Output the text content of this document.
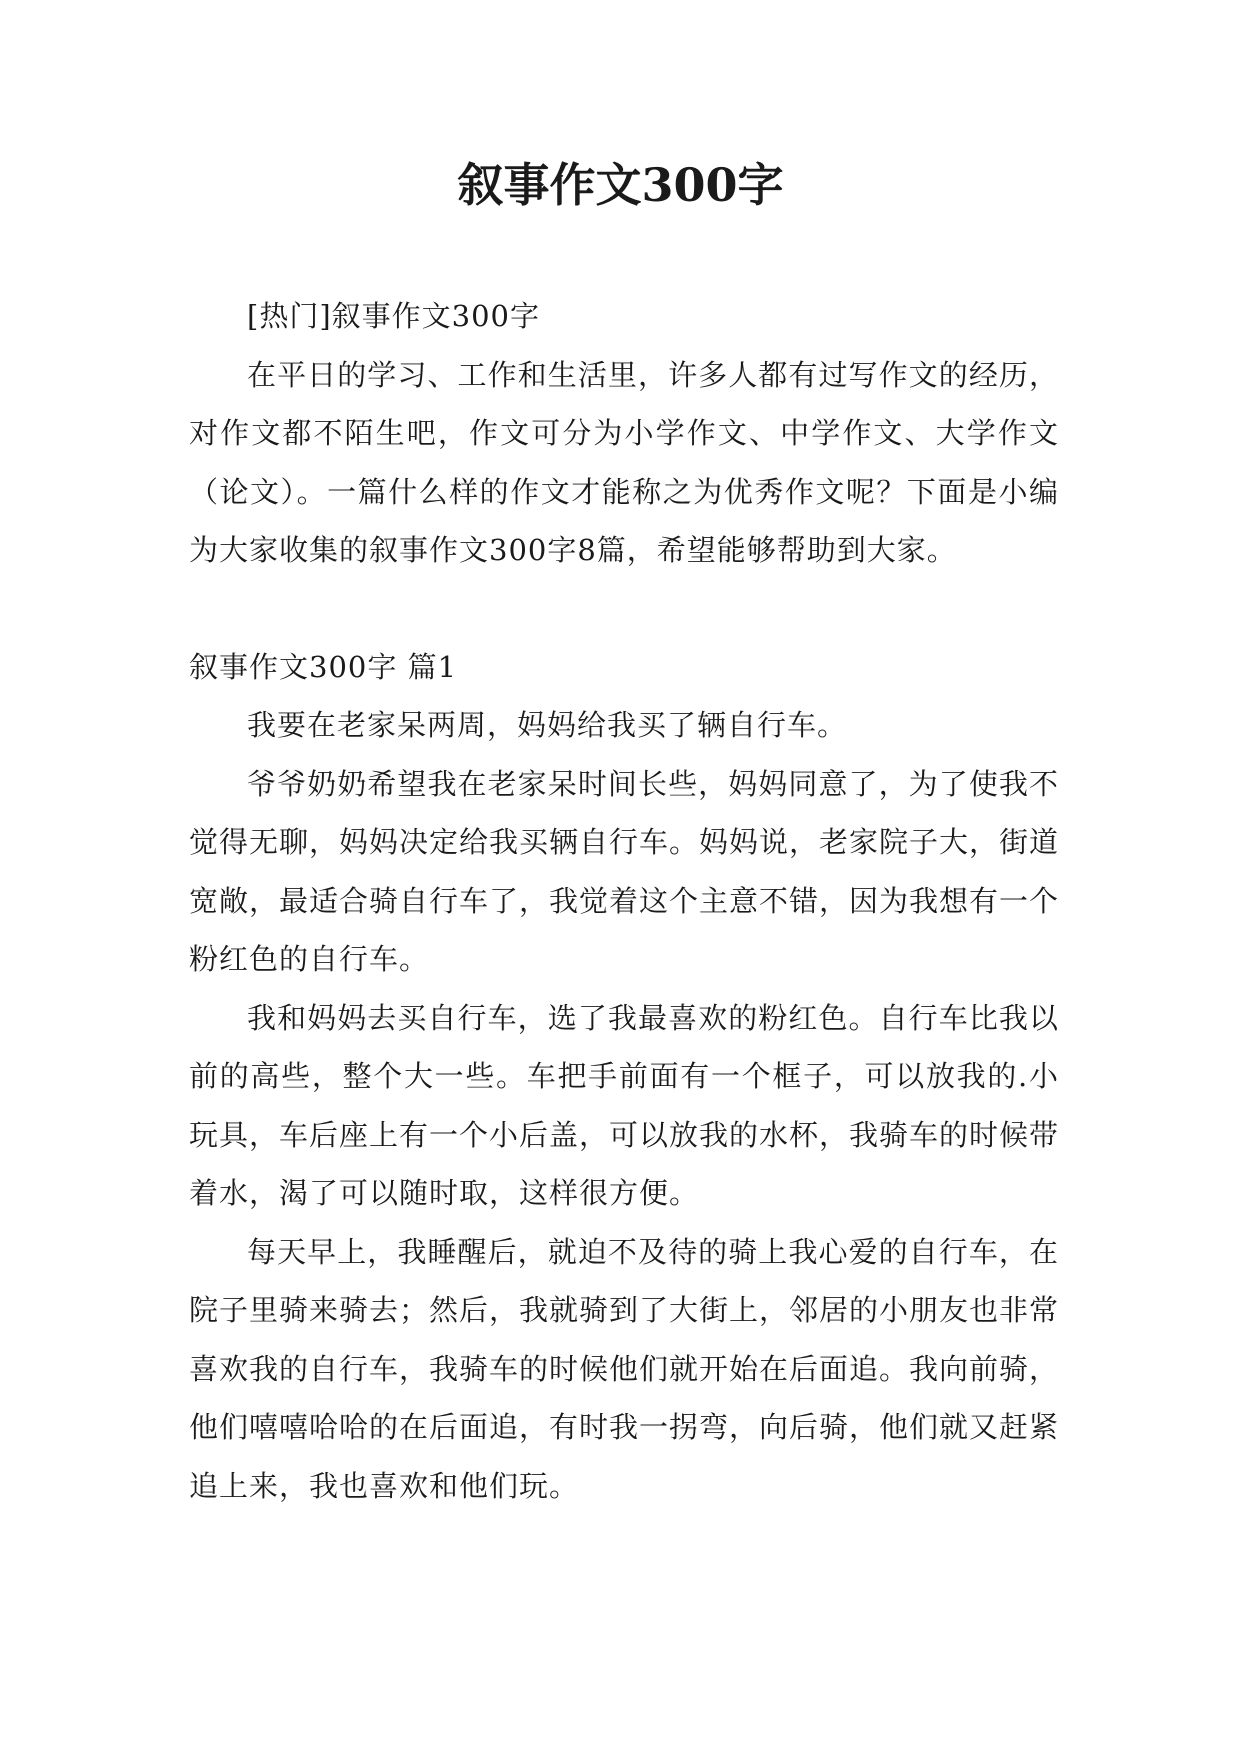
叙事作文300字

[热门]叙事作文300字

在平日的学习、工作和生活里，许多人都有过写作文的经历，对作文都不陌生吧，作文可分为小学作文、中学作文、大学作文（论文）。一篇什么样的作文才能称之为优秀作文呢？下面是小编为大家收集的叙事作文300字8篇，希望能够帮助到大家。

叙事作文300字 篇1

我要在老家呆两周，妈妈给我买了辆自行车。

爷爷奶奶希望我在老家呆时间长些，妈妈同意了，为了使我不觉得无聊，妈妈决定给我买辆自行车。妈妈说，老家院子大，街道宽敞，最适合骑自行车了，我觉着这个主意不错，因为我想有一个粉红色的自行车。

我和妈妈去买自行车，选了我最喜欢的粉红色。自行车比我以前的高些，整个大一些。车把手前面有一个框子，可以放我的.小玩具，车后座上有一个小后盖，可以放我的水杯，我骑车的时候带着水，渴了可以随时取，这样很方便。

每天早上，我睡醒后，就迫不及待的骑上我心爱的自行车，在院子里骑来骑去；然后，我就骑到了大街上，邻居的小朋友也非常喜欢我的自行车，我骑车的时候他们就开始在后面追。我向前骑，他们嘻嘻哈哈的在后面追，有时我一拐弯，向后骑，他们就又赶紧追上来，我也喜欢和他们玩。
